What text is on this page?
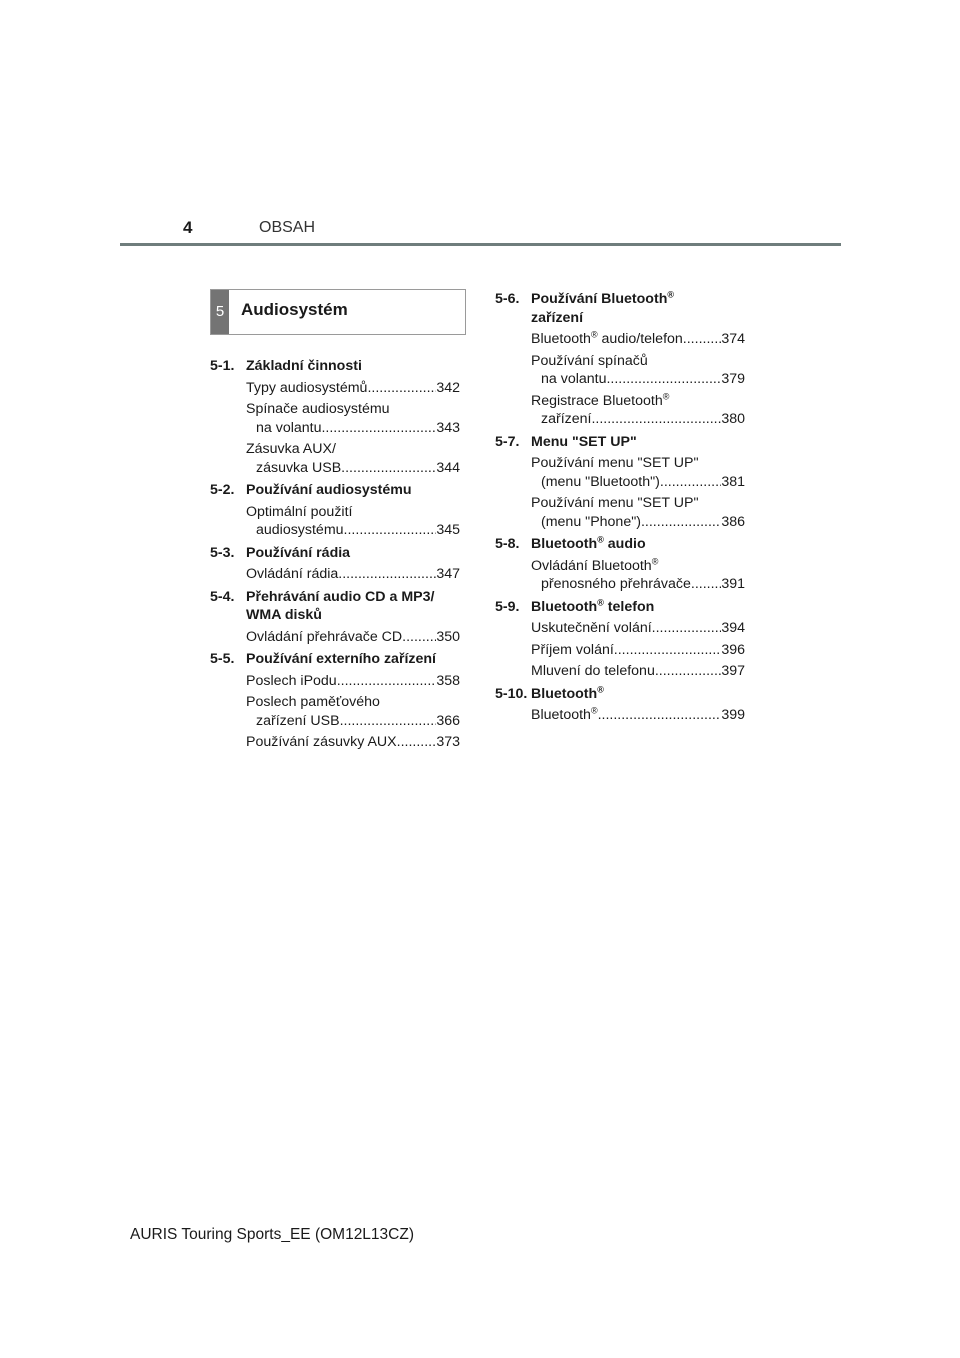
4	OBSAH
5 Audiosystém
5-1. Základní činnosti
Typy audiosystémů .....	342
Spínače audiosystému
na volantu .....	343
Zásuvka AUX/
zásuvka USB .....	344
5-2. Používání audiosystému
Optimální použití
audiosystému .....	345
5-3. Používání rádia
Ovládání rádia .....	347
5-4. Přehrávání audio CD a MP3/ WMA disků
Ovládání přehrávače CD ..... 350
5-5. Používání externího zařízení
Poslech iPodu .....	358
Poslech paměťového
zařízení USB .....	366
Používání zásuvky AUX .....	373
5-6. Používání Bluetooth®
zařízení
Bluetooth® audio/telefon .....	374
Používání spínačů
na volantu .....	379
Registrace Bluetooth®
zařízení .....	380
5-7. Menu "SET UP"
Používání menu "SET UP"
(menu "Bluetooth") .....	381
Používání menu "SET UP"
(menu "Phone") .....	386
5-8. Bluetooth® audio
Ovládání Bluetooth®
přenosného přehrávače ..... 391
5-9. Bluetooth® telefon
Uskutečnění volání .....	394
Příjem volání .....	396
Mluvení do telefonu .....	397
5-10. Bluetooth®
Bluetooth® .....	399
AURIS Touring Sports_EE (OM12L13CZ)
